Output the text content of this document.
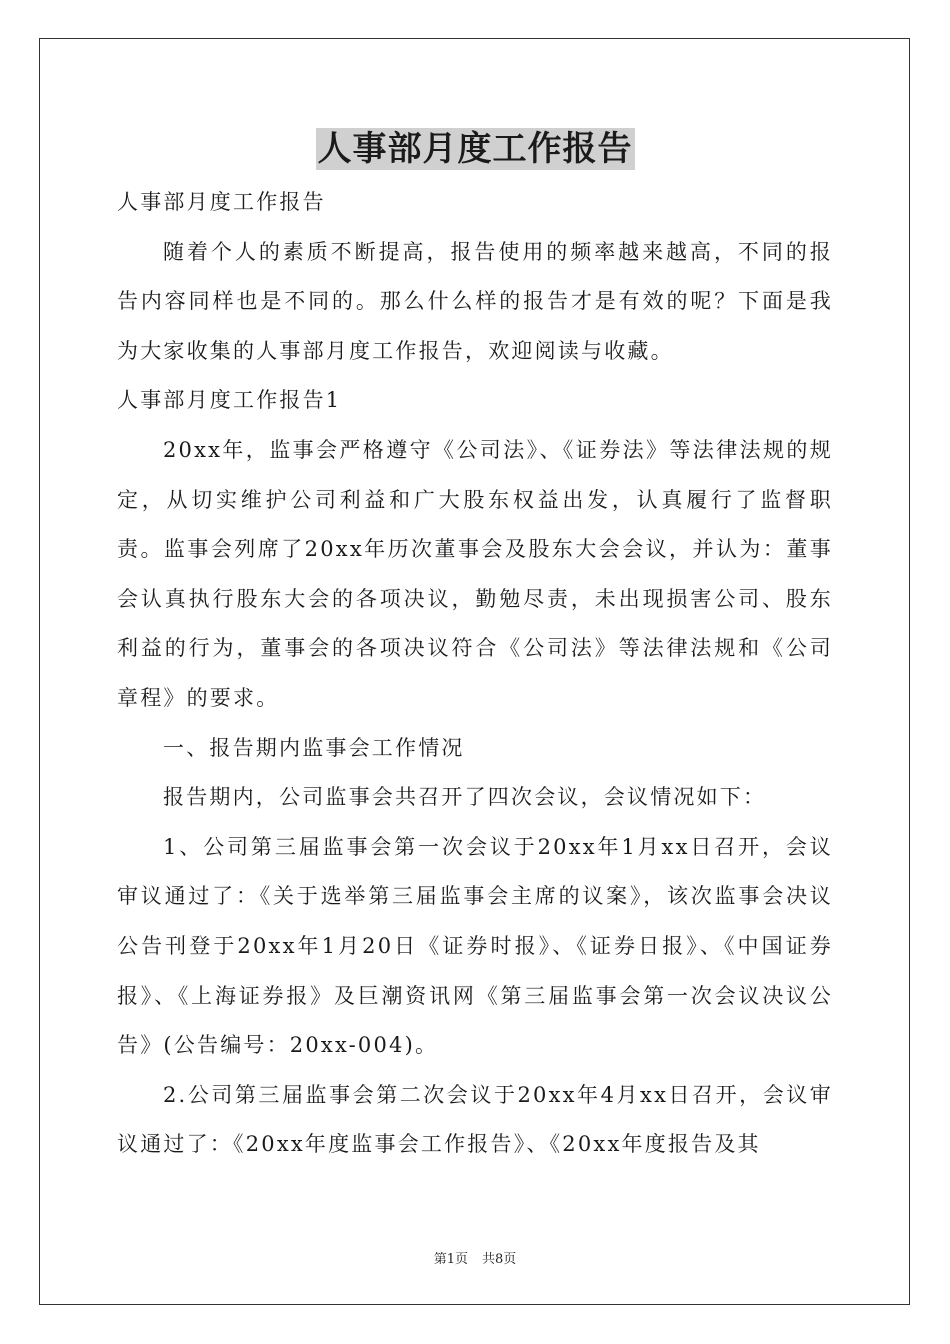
人事部月度工作报告

人事部月度工作报告

随着个人的素质不断提高，报告使用的频率越来越高，不同的报告内容同样也是不同的。那么什么样的报告才是有效的呢？下面是我为大家收集的人事部月度工作报告，欢迎阅读与收藏。

人事部月度工作报告1

20xx年，监事会严格遵守《公司法》、《证券法》等法律法规的规定，从切实维护公司利益和广大股东权益出发，认真履行了监督职责。监事会列席了20xx年历次董事会及股东大会会议，并认为：董事会认真执行股东大会的各项决议，勤勉尽责，未出现损害公司、股东利益的行为，董事会的各项决议符合《公司法》等法律法规和《公司章程》的要求。

一、报告期内监事会工作情况

报告期内，公司监事会共召开了四次会议，会议情况如下：

1、公司第三届监事会第一次会议于20xx年1月xx日召开，会议审议通过了：《关于选举第三届监事会主席的议案》，该次监事会决议公告刊登于20xx年1月20日《证券时报》、《证券日报》、《中国证券报》、《上海证券报》及巨潮资讯网《第三届监事会第一次会议决议公告》(公告编号：20xx-004)。

2.公司第三届监事会第二次会议于20xx年4月xx日召开，会议审议通过了：《20xx年度监事会工作报告》、《20xx年度报告及其

第1页 共8页
